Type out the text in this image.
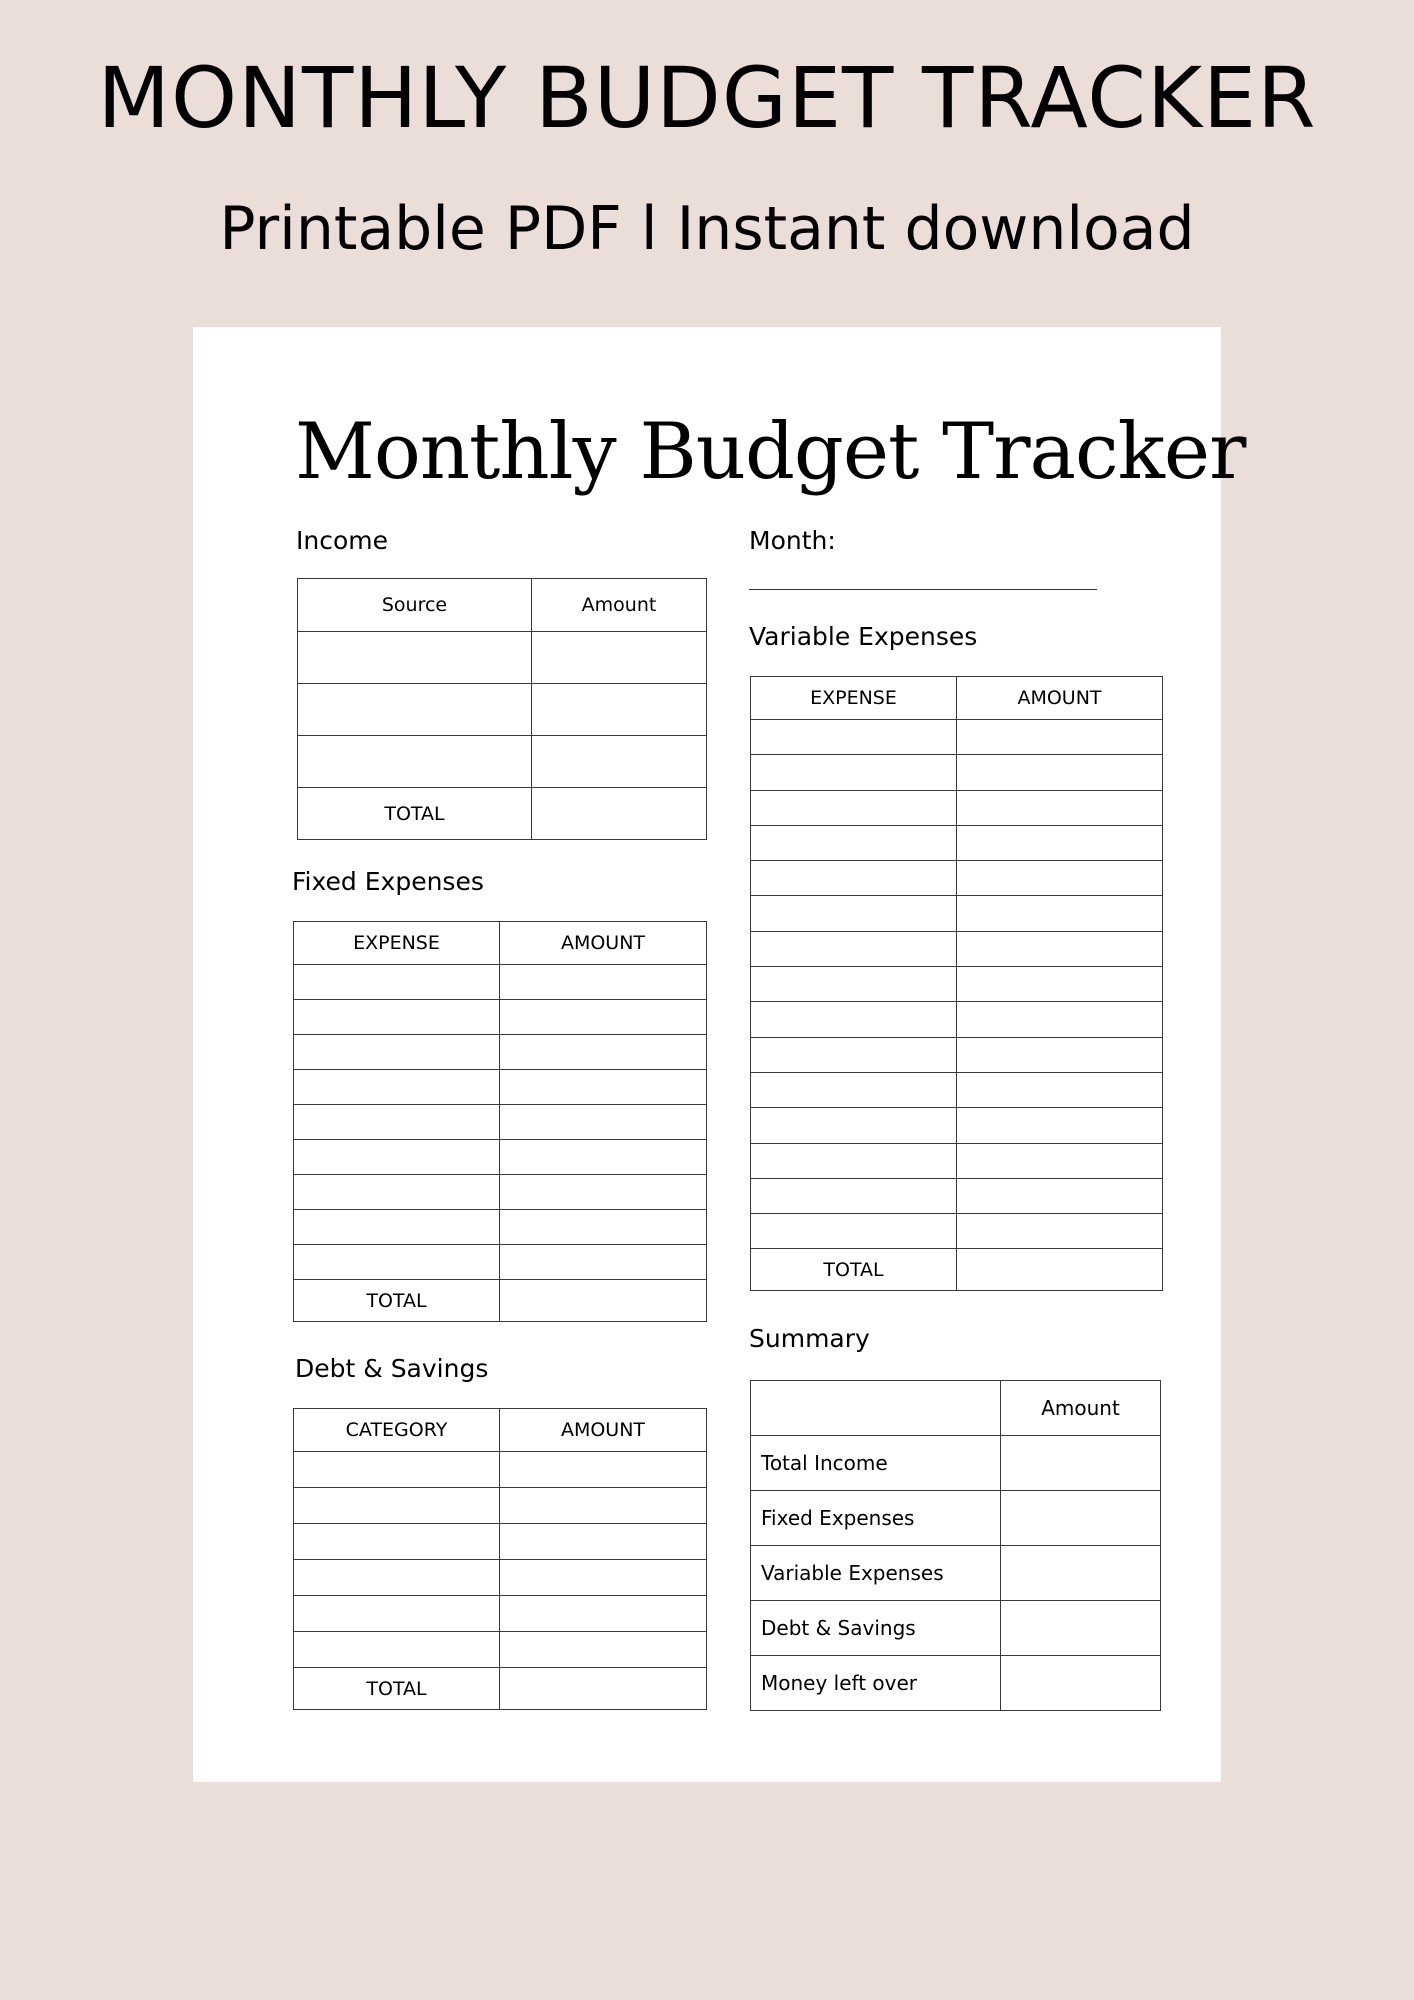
MONTHLY BUDGET TRACKER
Printable PDF l Instant download
Monthly Budget Tracker
Income
Source	Amount

TOTAL	
Fixed Expenses
EXPENSE	AMOUNT

TOTAL	
Debt & Savings
CATEGORY	AMOUNT

TOTAL	
Month:
Variable Expenses
EXPENSE	AMOUNT

TOTAL	
Summary
	Amount
Total Income	
Fixed Expenses	
Variable Expenses	
Debt & Savings	
Money left over	
